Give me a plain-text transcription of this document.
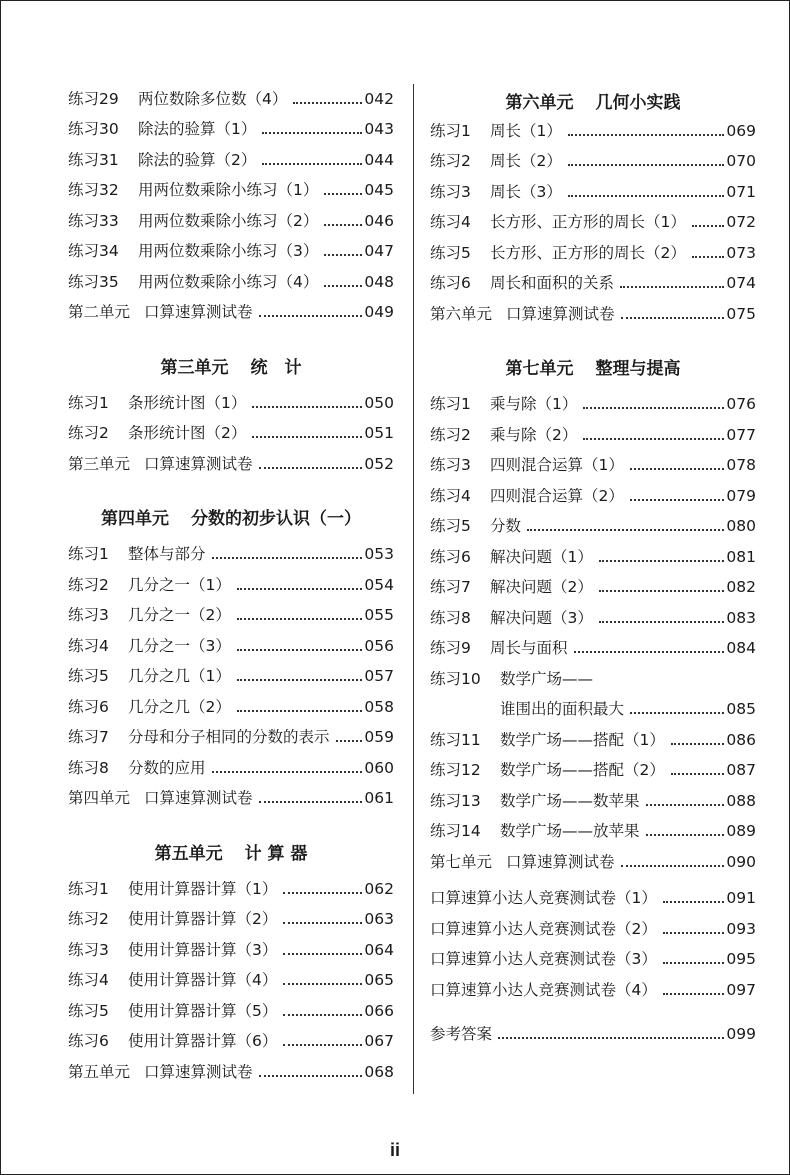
练习29	两位数除多位数（4）	042
练习30	除法的验算（1）	043
练习31	除法的验算（2）	044
练习32	用两位数乘除小练习（1）	045
练习33	用两位数乘除小练习（2）	046
练习34	用两位数乘除小练习（3）	047
练习35	用两位数乘除小练习（4）	048
第二单元 口算速算测试卷	049
第三单元 统　计
练习1	条形统计图（1）	050
练习2	条形统计图（2）	051
第三单元 口算速算测试卷	052
第四单元 分数的初步认识（一）
练习1	整体与部分	053
练习2	几分之一（1）	054
练习3	几分之一（2）	055
练习4	几分之一（3）	056
练习5	几分之几（1）	057
练习6	几分之几（2）	058
练习7	分母和分子相同的分数的表示 059
练习8	分数的应用	060
第四单元 口算速算测试卷	061
第五单元 计 算 器
练习1	使用计算器计算（1）	062
练习2	使用计算器计算（2）	063
练习3	使用计算器计算（3）	064
练习4	使用计算器计算（4）	065
练习5	使用计算器计算（5）	066
练习6	使用计算器计算（6）	067
第五单元 口算速算测试卷	068
第六单元 几何小实践
练习1	周长（1）	069
练习2	周长（2）	070
练习3	周长（3）	071
练习4	长方形、正方形的周长（1）	072
练习5	长方形、正方形的周长（2）	073
练习6	周长和面积的关系	074
第六单元 口算速算测试卷	075
第七单元 整理与提高
练习1	乘与除（1）	076
练习2	乘与除（2）	077
练习3	四则混合运算（1）	078
练习4	四则混合运算（2）	079
练习5	分数	080
练习6	解决问题（1）	081
练习7	解决问题（2）	082
练习8	解决问题（3）	083
练习9	周长与面积	084
练习10	数学广场——
谁围出的面积最大	085
练习11	数学广场——搭配（1）	086
练习12	数学广场——搭配（2）	087
练习13	数学广场——数苹果	088
练习14	数学广场——放苹果	089
第七单元 口算速算测试卷	090
口算速算小达人竞赛测试卷（1）	091
口算速算小达人竞赛测试卷（2）	093
口算速算小达人竞赛测试卷（3）	095
口算速算小达人竞赛测试卷（4）	097
参考答案	099
ii
